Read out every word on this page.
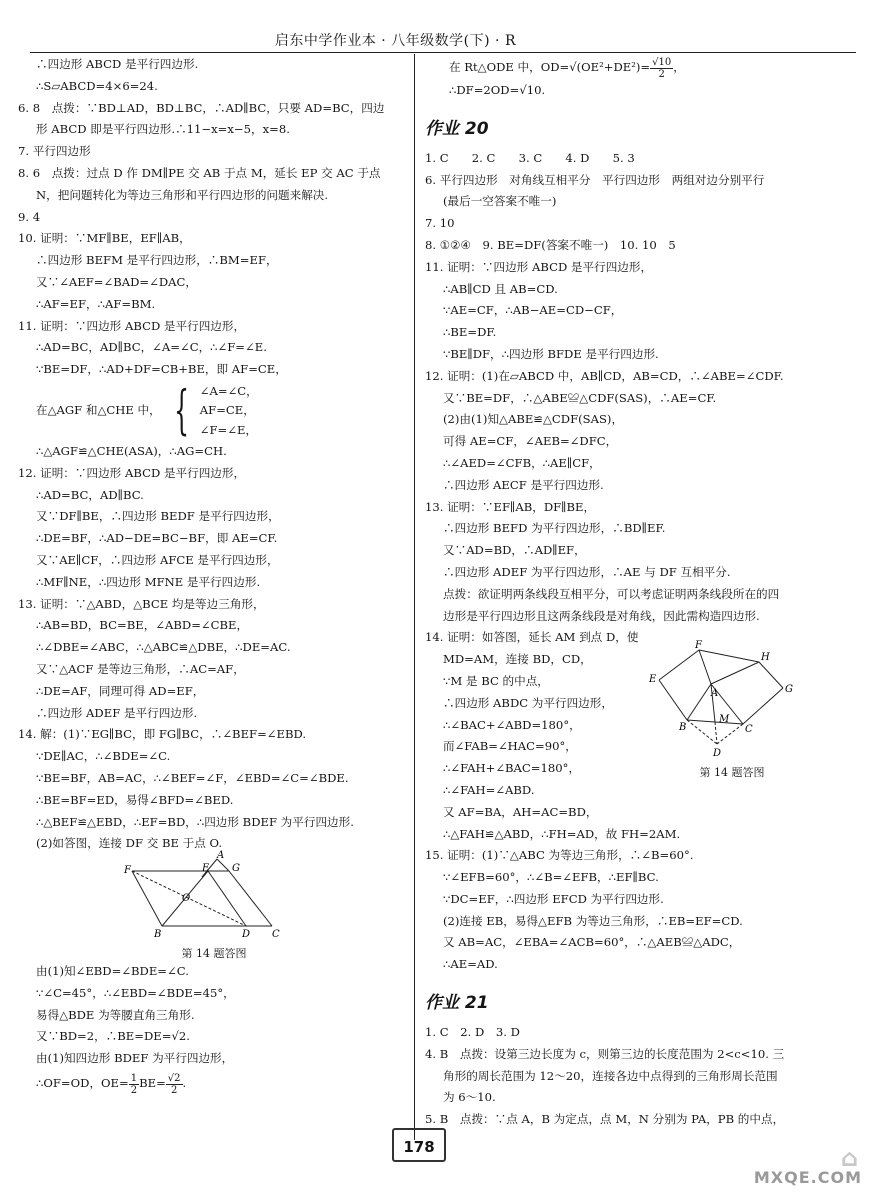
启东中学作业本 · 八年级数学(下) · R

∴四边形 ABCD 是平行四边形.

∴S▱ABCD=4×6=24.

6. 8　点拨：∵BD⊥AD，BD⊥BC，∴AD∥BC，只要 AD=BC，四边

形 ABCD 即是平行四边形.∴11−x=x−5，x=8.

7. 平行四边形

8. 6　点拨：过点 D 作 DM∥PE 交 AB 于点 M，延长 EP 交 AC 于点

N，把问题转化为等边三角形和平行四边形的问题来解决.

9. 4

10. 证明：∵MF∥BE，EF∥AB，

∴四边形 BEFM 是平行四边形，∴BM=EF，

又∵∠AEF=∠BAD=∠DAC，

∴AF=EF，∴AF=BM.

11. 证明：∵四边形 ABCD 是平行四边形，

∴AD=BC，AD∥BC，∠A=∠C，∴∠F=∠E.

∵BE=DF，∴AD+DF=CB+BE，即 AF=CE，

在△AGF 和△CHE 中， { ∠A=∠C，

AF=CE，

∠F=∠E，

∴△AGF≌△CHE(ASA)，∴AG=CH.

12. 证明：∵四边形 ABCD 是平行四边形，

∴AD=BC，AD∥BC.

又∵DF∥BE，∴四边形 BEDF 是平行四边形，

∴DE=BF，∴AD−DE=BC−BF，即 AE=CF.

又∵AE∥CF，∴四边形 AFCE 是平行四边形，

∴MF∥NE，∴四边形 MFNE 是平行四边形.

13. 证明：∵△ABD，△BCE 均是等边三角形，

∴AB=BD，BC=BE，∠ABD=∠CBE，

∴∠DBE=∠ABC，∴△ABC≌△DBE，∴DE=AC.

又∵△ACF 是等边三角形，∴AC=AF，

∴DE=AF，同理可得 AD=EF，

∴四边形 ADEF 是平行四边形.

14. 解：(1)∵EG∥BC，即 FG∥BC，∴∠BEF=∠EBD.

∵DE∥AC，∴∠BDE=∠C.

∵BE=BF，AB=AC，∴∠BEF=∠F，∠EBD=∠C=∠BDE.

∴BE=BF=ED，易得∠BFD=∠BED.

∴△BEF≌△EBD，∴EF=BD，∴四边形 BDEF 为平行四边形.

(2)如答图，连接 DF 交 BE 于点 O.

F	E
A
G
O
B	D C
第 14 题答图

由(1)知∠EBD=∠BDE=∠C.

∵∠C=45°，∴∠EBD=∠BDE=45°，

易得△BDE 为等腰直角三角形.

又∵BD=2，∴BE=DE=√2.

由(1)知四边形 BDEF 为平行四边形，

∴OF=OD，$OE= \frac{1}{2} BE= \frac{√2}{2}$ .

在 Rt△ODE 中，$OD=√(OE^2+DE^2)= \frac{√10}{2}$ ，

∴DF=2OD=√10.

作业 20

1. C　　2. C　　3. C　　4. D　　5. 3

6. 平行四边形　对角线互相平分　平行四边形　两组对边分别平行

(最后一空答案不唯一)

7. 10

8. ①②④　9. BE=DF(答案不唯一)　10. 10　5

11. 证明：∵四边形 ABCD 是平行四边形，

∴AB∥CD 且 AB=CD.

∵AE=CF，∴AB−AE=CD−CF，

∴BE=DF.

∵BE∥DF，∴四边形 BFDE 是平行四边形.

12. 证明：(1)在▱ABCD 中，AB∥CD，AB=CD，∴∠ABE=∠CDF.

又∵BE=DF，∴△ABE≌△CDF(SAS)，∴AE=CF.

(2)由(1)知△ABE≌△CDF(SAS)，

可得 AE=CF，∠AEB=∠DFC，

∴∠AED=∠CFB，∴AE∥CF，

∴四边形 AECF 是平行四边形.

13. 证明：∵EF∥AB，DF∥BE，

∴四边形 BEFD 为平行四边形，∴BD∥EF.

又∵AD=BD，∴AD∥EF，

∴四边形 ADEF 为平行四边形，∴AE 与 DF 互相平分.

点拨：欲证明两条线段互相平分，可以考虑证明两条线段所在的四

边形是平行四边形且这两条线段是对角线，因此需构造四边形.

14. 证明：如答图，延长 AM 到点 D，使

MD=AM，连接 BD，CD，

∵M 是 BC 的中点，

∴四边形 ABDC 为平行四边形，

∴∠BAC+∠ABD=180°，

而∠FAB=∠HAC=90°，

∴∠FAH+∠BAC=180°，

∴∠FAH=∠ABD.

又 AF=BA，AH=AC=BD，

∴△FAH≌△ABD，∴FH=AD，故 FH=2AM.

15. 证明：(1)∵△ABC 为等边三角形，∴∠B=60°.

∵∠EFB=60°，∴∠B=∠EFB，∴EF∥BC.

∵DC=EF，∴四边形 EFCD 为平行四边形.

(2)连接 EB，易得△EFB 为等边三角形，∴EB=EF=CD.

又 AB=AC，∠EBA=∠ACB=60°，∴△AEB≌△ADC，

∴AE=AD.

作业 21

1. C　2. D　3. D

4. B　点拨：设第三边长度为 c，则第三边的长度范围为 2<c<10. 三

角形的周长范围为 12～20，连接各边中点得到的三角形周长范围

为 6～10.

5. B　点拨：∵点 A，B 为定点，点 M，N 分别为 PA，PB 的中点，

F
H
E
A	G
B
M
C
D
第 14 题答图
178	⌂
MXQE.COM
